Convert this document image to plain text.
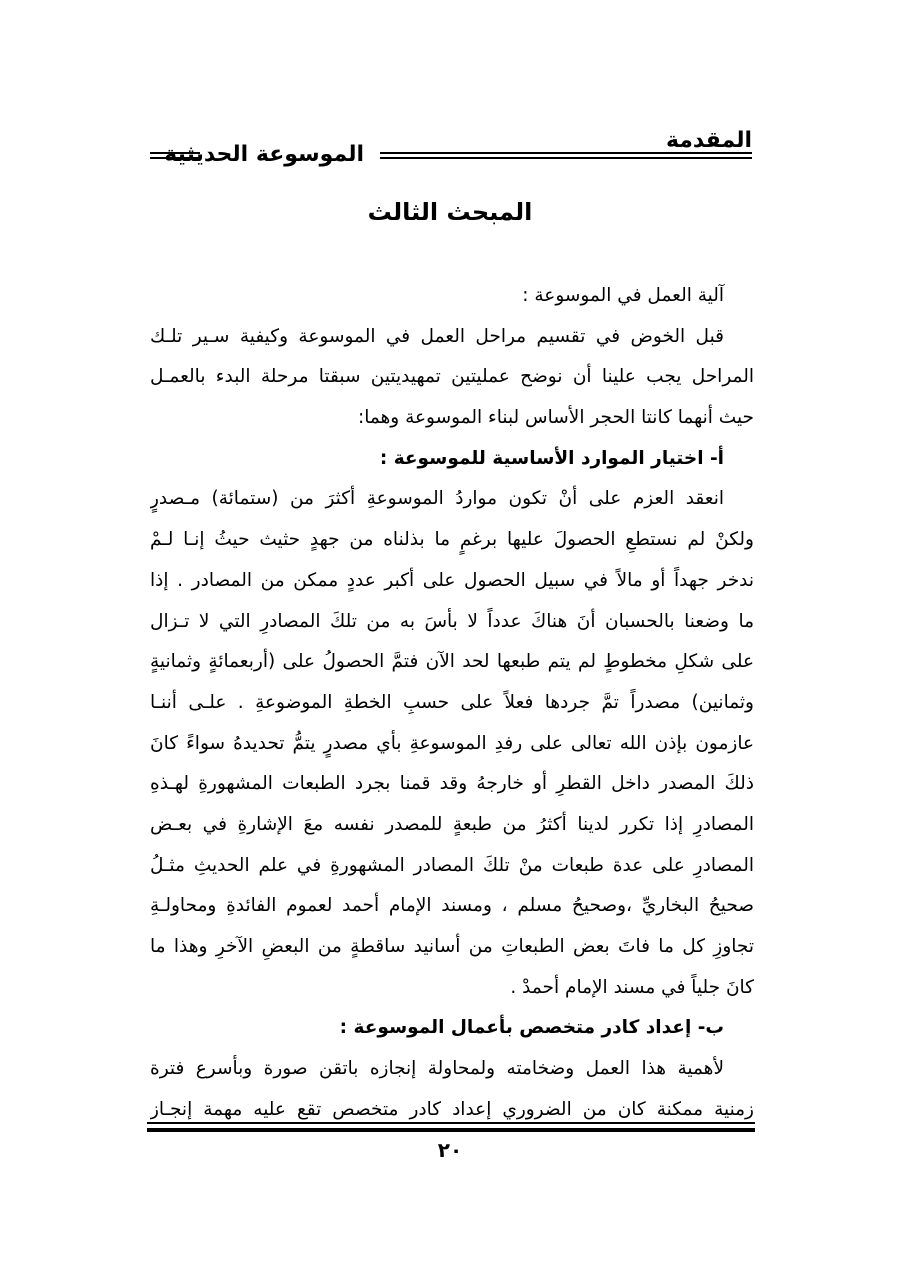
المقدمة
الموسوعة الحديثية
المبحث الثالث
آلية العمل في الموسوعة :
قبل الخوض في تقسيم مراحل العمل في الموسوعة وكيفية سـير تلـك
المراحل يجب علينا أن نوضح عمليتين تمهيديتين سبقتا مرحلة البدء بالعمـل
حيث أنهما كانتا الحجر الأساس لبناء الموسوعة وهما:
أ- اختيار الموارد الأساسية للموسوعة :
انعقد العزم على أنْ تكون مواردُ الموسوعةِ أكثرَ من (ستمائة) مـصدرٍ
ولكنْ لم نستطعِ الحصولَ عليها برغمٍ ما بذلناه من جهدٍ حثيث حيثُ إنـا لـمْ
ندخر جهداً أو مالاً في سبيل الحصول على أكبر عددٍ ممكن من المصادر . إذا
ما وضعنا بالحسبان أنَ هناكَ عدداً لا بأسَ به من تلكَ المصادرِ التي لا تـزال
على شكلِ مخطوطٍ لم يتم طبعها لحد الآن فتمَّ الحصولُ على (أربعمائةٍ وثمانيةٍ
وثمانين) مصدراً تمَّ جردها فعلاً على حسبِ الخطةِ الموضوعةِ . علـى أننـا
عازمون بإذن الله تعالى على رفدِ الموسوعةِ بأي مصدرٍ يتمُّ تحديدهُ سواءً كانَ
ذلكَ المصدر داخل القطرِ أو خارجهُ وقد قمنا بجرد الطبعات المشهورةِ لهـذهِ
المصادرِ إذا تكرر لدينا أكثرُ من طبعةٍ للمصدر نفسه معَ الإشارةِ في بعـض
المصادرِ على عدة طبعات منْ تلكَ المصادر المشهورةِ في علم الحديثِ مثـلُ
صحيحُ البخاريِّ ،وصحيحُ مسلم ، ومسند الإمام أحمد لعموم الفائدةِ ومحاولـةِ
تجاوزِ كل ما فاتَ بعض الطبعاتِ من أسانيد ساقطةٍ من البعضِ الآخرِ وهذا ما
كانَ جلياً في مسند الإمام أحمدْ .
ب- إعداد كادر متخصص بأعمال الموسوعة :
لأهمية هذا العمل وضخامته ولمحاولة إنجازه باتقن صورة وبأسرع فترة
زمنية ممكنة كان من الضروري إعداد كادر متخصص تقع عليه مهمة إنجـاز
٢٠
